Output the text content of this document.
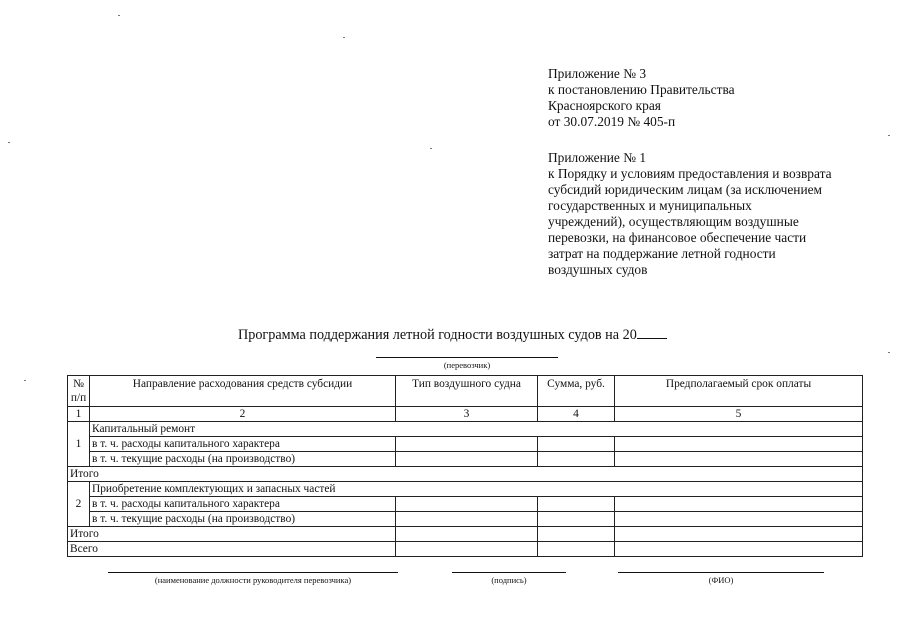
Приложение № 3
к постановлению Правительства
Красноярского края
от 30.07.2019 № 405-п
Приложение № 1
к Порядку и условиям предоставления и возврата
субсидий юридическим лицам (за исключением
государственных и муниципальных
учреждений), осуществляющим воздушные
перевозки, на финансовое обеспечение части
затрат на поддержание летной годности
воздушных судов
Программа поддержания летной годности воздушных судов на 20
(перевозчик)
№
п/п	Направление расходования средств субсидии	Тип воздушного судна	Сумма, руб.	Предполагаемый срок оплаты
1	2	3	4	5
1	Капитальный ремонт			
	в т. ч. расходы капитального характера			
	в т. ч. текущие расходы (на производство)			
Итого				
2	Приобретение комплектующих и запасных частей			
	в т. ч. расходы капитального характера			
	в т. ч. текущие расходы (на производство)			
Итого				
Всего				
(наименование должности руководителя перевозчика)	(подпись)	(ФИО)
